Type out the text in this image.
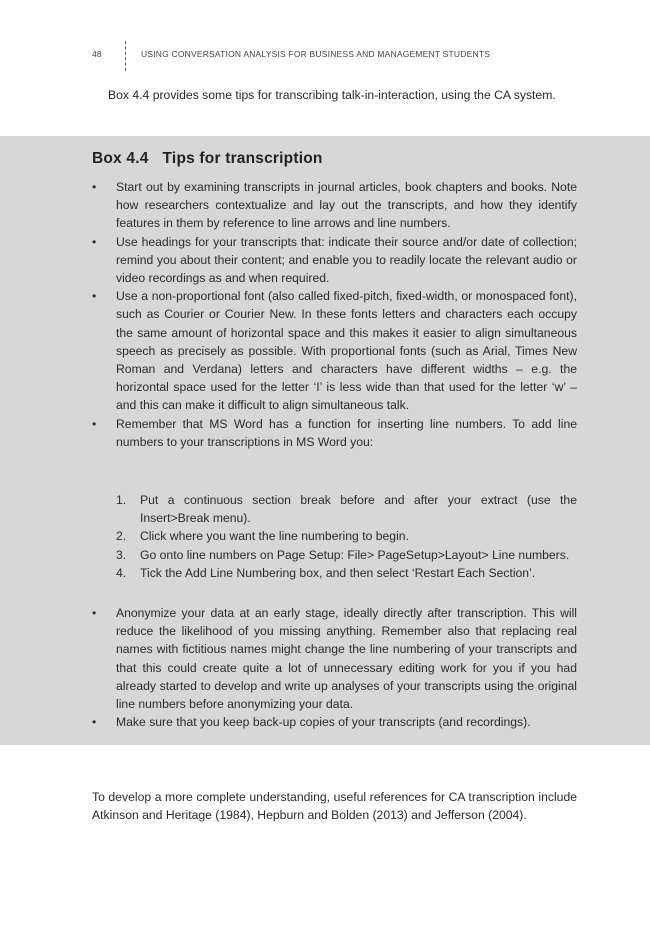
48	USING CONVERSATION ANALYSIS FOR BUSINESS AND MANAGEMENT STUDENTS

Box 4.4 provides some tips for transcribing talk-in-interaction, using the CA system.

Box 4.4 Tips for transcription
• Start out by examining transcripts in journal articles, book chapters and books. Note how researchers contextualize and lay out the transcripts, and how they identify features in them by reference to line arrows and line numbers.
• Use headings for your transcripts that: indicate their source and/or date of collection; remind you about their content; and enable you to readily locate the relevant audio or video recordings as and when required.
• Use a non-proportional font (also called fixed-pitch, fixed-width, or monospaced font), such as Courier or Courier New. In these fonts letters and characters each occupy the same amount of horizontal space and this makes it easier to align simultaneous speech as precisely as possible. With proportional fonts (such as Arial, Times New Roman and Verdana) letters and characters have different widths – e.g. the horizontal space used for the letter ‘I’ is less wide than that used for the letter ‘w’ – and this can make it difficult to align simultaneous talk.
• Remember that MS Word has a function for inserting line numbers. To add line numbers to your transcriptions in MS Word you:
1. Put a continuous section break before and after your extract (use the Insert>Break menu).
2. Click where you want the line numbering to begin.
3. Go onto line numbers on Page Setup: File> PageSetup>Layout> Line numbers.
4. Tick the Add Line Numbering box, and then select ‘Restart Each Section’.
• Anonymize your data at an early stage, ideally directly after transcription. This will reduce the likelihood of you missing anything. Remember also that replacing real names with fictitious names might change the line numbering of your transcripts and that this could create quite a lot of unnecessary editing work for you if you had already started to develop and write up analyses of your transcripts using the original line numbers before anonymizing your data.
• Make sure that you keep back-up copies of your transcripts (and recordings).

To develop a more complete understanding, useful references for CA transcription include Atkinson and Heritage (1984), Hepburn and Bolden (2013) and Jefferson (2004).
